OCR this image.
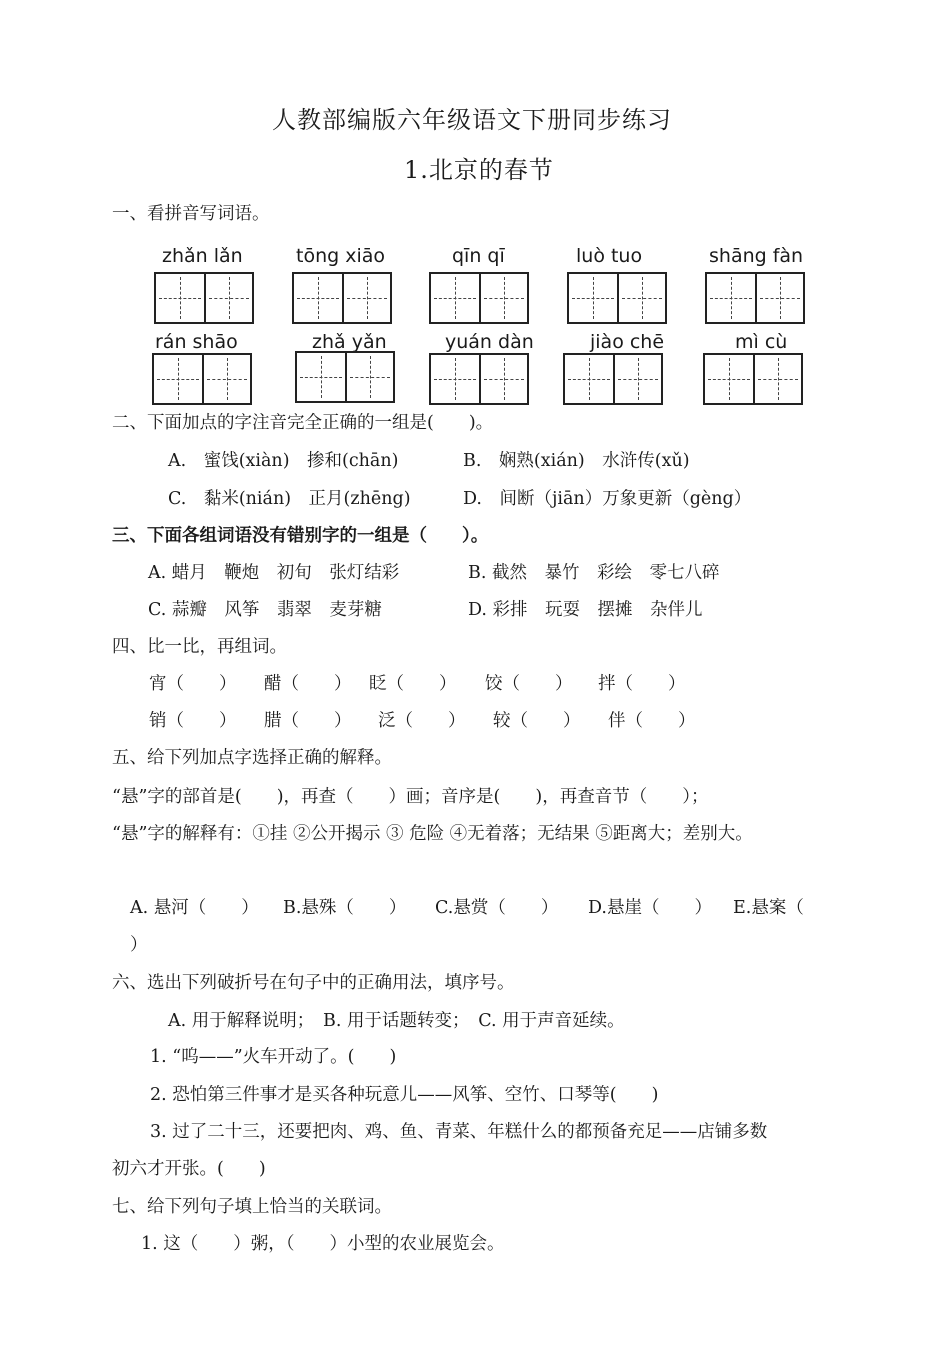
人教部编版六年级语文下册同步练习
1.北京的春节
一、看拼音写词语。
zhǎn lǎn	tōng xiāo	qīn qī	luò tuo	shāng fàn
rán shāo	zhǎ yǎn	yuán dàn	jiào chē	mì cù
二、下面加点的字注音完全正确的一组是(　　)。
A.　蜜饯(xiàn)　掺和(chān)	B.　娴熟(xián)　水浒传(xǔ)
C.　黏米(nián)　正月(zhēng)	D.　间断（jiān）万象更新（gèng）
三、下面各组词语没有错别字的一组是（　　）。
A. 蜡月　鞭炮　初旬　张灯结彩	B. 截然　暴竹　彩绘　零七八碎
C. 蒜瓣　风筝　翡翠　麦芽糖	D. 彩排　玩耍　摆摊　杂伴儿
四、比一比，再组词。
宵（　　） 醋（　　） 眨（　　） 饺（　　） 拌（　　）
销（　　） 腊（　　） 泛（　　） 较（　　） 伴（　　）
五、给下列加点字选择正确的解释。
“悬”字的部首是(　　)，再查（　　）画；音序是(　　)，再查音节（　　）；
“悬”字的解释有：①挂 ②公开揭示 ③ 危险 ④无着落；无结果 ⑤距离大；差别大。
A. 悬河（　　） B.悬殊（　　） C.悬赏（　　） D.悬崖（　　） E.悬案（
）
六、选出下列破折号在句子中的正确用法，填序号。
A. 用于解释说明；　B. 用于话题转变；　C. 用于声音延续。
1. “呜——”火车开动了。(　　)
2. 恐怕第三件事才是买各种玩意儿——风筝、空竹、口琴等(　　)
3. 过了二十三，还要把肉、鸡、鱼、青菜、年糕什么的都预备充足——店铺多数
初六才开张。(　　)
七、给下列句子填上恰当的关联词。
1. 这（　　）粥，（　　）小型的农业展览会。
